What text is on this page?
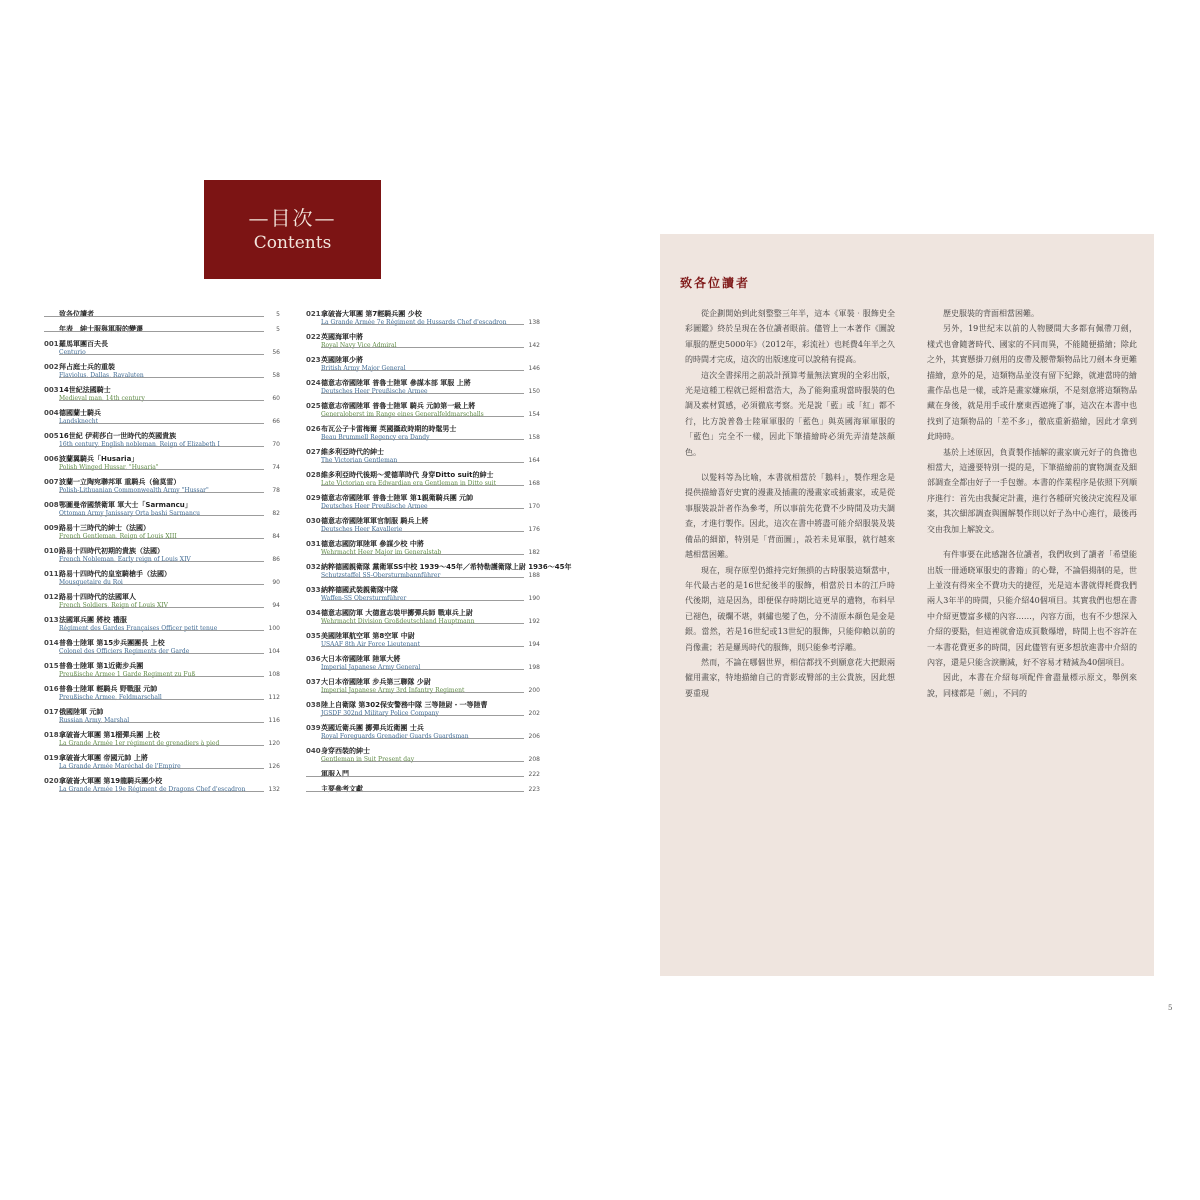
—目次—
Contents
致各位讀者	5
年表　紳士服與軍服的變遷	5
001 羅馬軍團百夫長
Centurio	56
002 拜占庭士兵的重裝
Flaviolus, Dallas, Ravaluten	58
003 14世紀法國騎士
Medieval man, 14th century	60
004 德國蘭士騎兵
Landsknecht	66
005 16世紀 伊莉莎白一世時代的英國貴族
16th century, English nobleman, Reign of Elizabeth I	70
006 波蘭翼騎兵「Husaria」
Polish Winged Hussar, "Husaria"	74
007 波蘭一立陶宛聯邦軍 重騎兵（倫莫雷）
Polish-Lithuanian Commonwealth Army "Hussar"	78
008 鄂圖曼帝國禁衛軍 軍大士「Sarmancu」
Ottoman Army Janissary Orta bashi Sarmancu	82
009 路易十三時代的紳士（法國）
French Gentleman, Reign of Louis XIII	84
010 路易十四時代初期的貴族（法國）
French Nobleman, Early reign of Louis XIV	86
011 路易十四時代的皇室騎槍手（法國）
Mousquetaire du Roi	90
012 路易十四時代的法國軍人
French Soldiers, Reign of Louis XIV	94
013 法國軍兵團 將校 禮服
Régiment des Gardes Françaises Officer petit tenue	100
014 普魯士陸軍 第15步兵團團長 上校
Colonel des Officiers Regiments der Garde	104
015 普魯士陸軍 第1近衛步兵團
Preußische Armee 1 Garde Regiment zu Fuß	108
016 普魯士陸軍 輕騎兵 野戰服 元帥
Preußische Armee, Feldmarschall	112
017 俄國陸軍 元帥
Russian Army, Marshal	116
018 拿破崙大軍團 第1榴彈兵團 上校
La Grande Armée 1er régiment de grenadiers à pied	120
019 拿破崙大軍團 帝國元帥 上將
La Grande Armée Maréchal de l'Empire	126
020 拿破崙大軍團 第19龍騎兵團少校
La Grande Armée 19e Régiment de Dragons Chef d'escadron	132
021 拿破崙大軍團 第7輕騎兵團 少校
La Grande Armée 7e Régiment de Hussards Chef d'escadron	138
022 英國海軍中將
Royal Navy Vice Admiral	142
023 英國陸軍少將
British Army Major General	146
024 德意志帝國陸軍 普魯士陸軍 參謀本部 軍服 上將
Deutsches Heer Preußische Armee	150
025 德意志帝國陸軍 普魯士陸軍 騎兵 元帥第一級上將
Generaloberst im Range eines Generalfeldmarschalls	154
026 布瓦公子卡雷梅爾 英國攝政時期的時髦男士
Beau Brummell Regency era Dandy	158
027 維多利亞時代的紳士
The Victorian Gentleman	164
028 維多利亞時代後期～愛德華時代 身穿Ditto suit的紳士
Late Victorian era Edwardian era Gentleman in Ditto suit	168
029 德意志帝國陸軍 普魯士陸軍 第1親衛騎兵團 元帥
Deutsches Heer Preußische Armee	170
030 德意志帝國陸軍軍官制服 騎兵上將
Deutsches Heer Kavallerie	176
031 德意志國防軍陸軍 參謀少校 中將
Wehrmacht Heer Major im Generalstab	182
032 納粹德國親衛隊 黨衛軍SS中校 1939～45年／希特勒護衛隊上尉 1936～45年
Schutzstaffel SS-Obersturmbannführer	188
033 納粹德國武裝親衛隊中隊
Waffen-SS Obersturmführer	190
034 德意志國防軍 大德意志裝甲擲彈兵師 戰車兵上尉
Wehrmacht Division Großdeutschland Hauptmann	192
035 美國陸軍航空軍 第8空軍 中尉
USAAF 8th Air Force Lieutenant	194
036 大日本帝國陸軍 陸軍大將
Imperial Japanese Army General	198
037 大日本帝國陸軍 步兵第三聯隊 少尉
Imperial Japanese Army 3rd Infantry Regiment	200
038 陸上自衛隊 第302保安警務中隊 三等陸尉・一等陸曹
JGSDF 302nd Military Police Company	202
039 英國近衛兵團 擲彈兵近衛團 士兵
Royal Foreguards Grenadier Guards Guardsman	206
040 身穿西裝的紳士
Gentleman in Suit Present day	208
軍服入門	222
主要參考文獻	223
致各位讀者

從企劃開始到此刻整整三年半，這本《軍裝‧服飾史全彩圖鑑》終於呈現在各位讀者眼前。儘管上一本著作《圖說 軍服的歷史5000年》（2012年，彩流社）也耗費4年半之久的時間才完成，這次的出版速度可以說稍有提高。

這次全書採用之前設計預算考量無法實現的全彩出版，光是這種工程就已經相當浩大，為了能夠重現當時服裝的色調及素材質感，必須徹底考察。光是說「藍」或「紅」都不行，比方說普魯士陸軍軍服的「藍色」與英國海軍軍服的「藍色」完全不一樣，因此下筆描繪時必須先弄清楚該顏色。

以髮料等為比喻，本書就相當於「鵝料」，製作理念是提供描繪喜好史實的漫畫及插畫的漫畫家或插畫家，或是從事服裝設計者作為參考，所以事前先花費不少時間及功夫調查，才進行製作。因此，這次在書中將盡可能介紹服裝及裝備品的細節，特別是「背面圖」，設若未見軍服，就行越來越相當困難。

現在，現存原型仍維持完好無損的古時服裝這類當中，年代最古老的是16世紀後半的服飾，相當於日本的江戶時代後期，這是因為，即便保存時期比這更早的遺物，布料早已褪色，破爛不堪，刺繡也變了色，分不清原本顏色是金是銀。當然，若是16世紀或13世紀的服飾，只能仰賴以前的肖像畫；若是羅馬時代的服飾，則只能參考浮雕。

然而，不論在哪個世界，相信都找不到願意花大把銀兩僱用畫家，特地描繪自己的背影或臀部的主公貴族，因此想要重現

歷史服裝的背面相當困難。

另外，19世紀末以前的人物腰間大多都有佩帶刀劍，樣式也會隨著時代、國家的不同而異，不能隨便描繪；除此之外，其實懸掛刀劍用的皮帶及腰帶類物品比刀劍本身更難描繪，意外的是，這類物品並沒有留下紀錄，就連當時的繪畫作品也是一樣，或許是畫家嫌麻煩，不是刻意將這類物品藏在身後，就是用手或什麼東西遮掩了事，這次在本書中也找到了這類物品的「差不多」，徹底重新描繪，因此才拿到此時時。

基於上述原因，負責製作插解的畫家廣元好子的負擔也相當大，這邊要特別一提的是，下筆描繪前的實物調查及細部調查全都由好子一手包辦。本書的作業程序是依照下列順序進行：首先由我擬定計畫，進行各種研究後決定流程及軍案，其次細部調查與圖解製作則以好子為中心進行，最後再交由我加上解說文。

有件事要在此感謝各位讀者，我們收到了讀者「希望能出版一冊通晓軍服史的書籍」的心聲，不論倡揚制的是，世上並沒有得來全不費功夫的捷徑，光是這本書就得耗費我們兩人3年半的時間，只能介紹40個項目。其實我們也想在書中介紹更豐富多樣的內容……，內容方面，也有不少想深入介紹的要點，但這裡就會造成頁數爆增，時間上也不容許在一本書花費更多的時間，因此儘管有更多想放進書中介紹的內容，還是只能含淚刪減，好不容易才精減為40個項目。

因此，本書在介紹每項配件會盡量標示原文，舉例來說，同樣都是「劍」，不同的

5
